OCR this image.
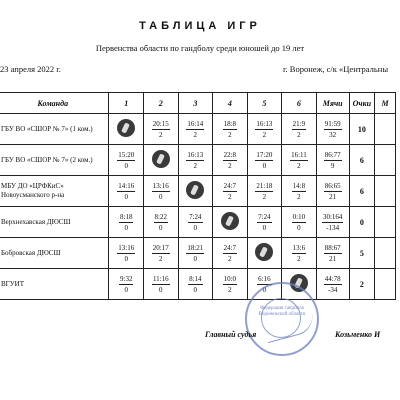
ТАБЛИЦА ИГР
Первенства области по гандболу среди юношей до 19 лет
23 апреля 2022 г.	г. Воронеж, с/к «Центральны
Команда	1	2	3	4	5	6	Мячи	Очки	М
ГБУ ВО «СШОР № 7» (1 ком.)		$\frac{20:15}{2}$	$\frac{16:14}{2}$	$\frac{18:8}{2}$	$\frac{16:13}{2}$	$\frac{21:9}{2}$	$\frac{91:59}{32}$	10	
ГБУ ВО «СШОР № 7» (2 ком.)	$\frac{15:20}{0}$		$\frac{16:13}{2}$	$\frac{22:8}{2}$	$\frac{17:20}{0}$	$\frac{16:11}{2}$	$\frac{86:77}{9}$	6	
МБУ ДО «ЦРФКиС» Новоусманского р-на	$\frac{14:16}{0}$	$\frac{13:16}{0}$		$\frac{24:7}{2}$	$\frac{21:18}{2}$	$\frac{14:8}{2}$	$\frac{86:65}{21}$	6	
Верхнехавская ДЮСШ	$\frac{8:18}{0}$	$\frac{8:22}{0}$	$\frac{7:24}{0}$		$\frac{7:24}{0}$	$\frac{0:10}{0}$	$\frac{30:164}{-134}$	0	
Бобровская ДЮСШ	$\frac{13:16}{0}$	$\frac{20:17}{2}$	$\frac{18:21}{0}$	$\frac{24:7}{2}$		$\frac{13:6}{2}$	$\frac{88:67}{21}$	5	
ВГУИТ	$\frac{9:32}{0}$	$\frac{11:16}{0}$	$\frac{8:14}{0}$	$\frac{10:0}{2}$	$\frac{6:16}{0}$		$\frac{44:78}{-34}$	2	
Федерация гандбола Воронежской области
Главный судья	Козьменко И
